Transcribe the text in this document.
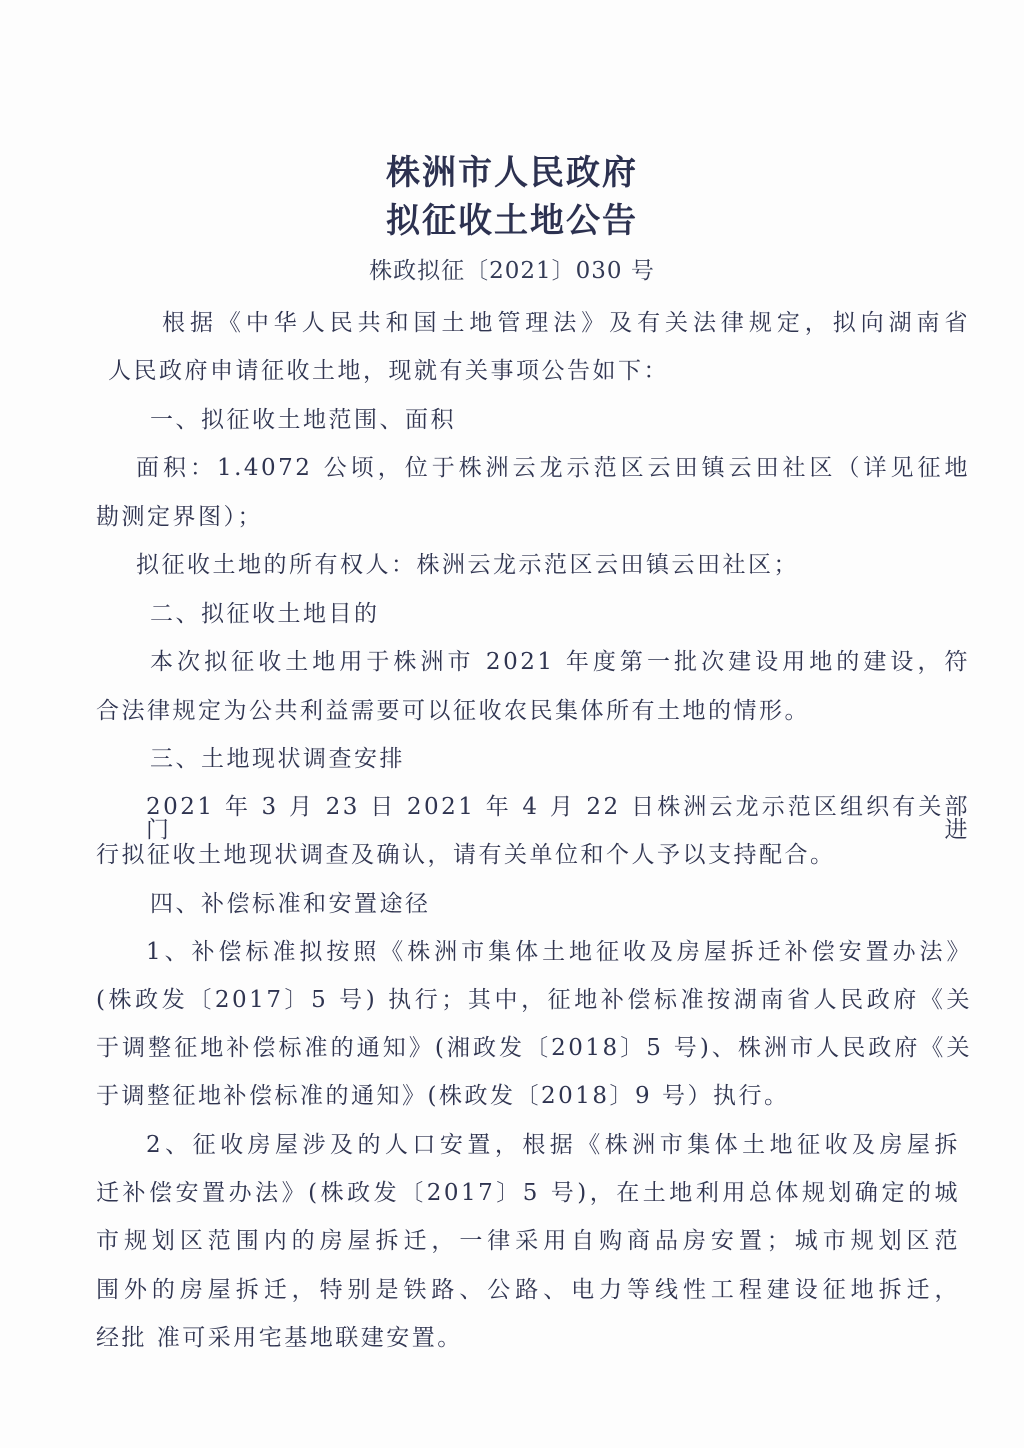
株洲市人民政府
拟征收土地公告
株政拟征〔2021〕030 号
根据《中华人民共和国土地管理法》及有关法律规定，拟向湖南省
人民政府申请征收土地，现就有关事项公告如下：
一、拟征收土地范围、面积
面积：1.4072 公顷，位于株洲云龙示范区云田镇云田社区（详见征地
勘测定界图）；
拟征收土地的所有权人：株洲云龙示范区云田镇云田社区；
二、拟征收土地目的
本次拟征收土地用于株洲市 2021 年度第一批次建设用地的建设，符
合法律规定为公共利益需要可以征收农民集体所有土地的情形。
三、土地现状调查安排
2021 年 3 月 23 日 2021 年 4 月 22 日株洲云龙示范区组织有关部门进
行拟征收土地现状调查及确认，请有关单位和个人予以支持配合。
四、补偿标准和安置途径
1、补偿标准拟按照《株洲市集体土地征收及房屋拆迁补偿安置办法》
(株政发〔2017〕5 号) 执行；其中，征地补偿标准按湖南省人民政府《关
于调整征地补偿标准的通知》(湘政发〔2018〕5 号)、株洲市人民政府《关
于调整征地补偿标准的通知》(株政发〔2018〕9 号）执行。
2、征收房屋涉及的人口安置，根据《株洲市集体土地征收及房屋拆
迁补偿安置办法》(株政发〔2017〕5 号)，在土地利用总体规划确定的城
市规划区范围内的房屋拆迁，一律采用自购商品房安置；城市规划区范
围外的房屋拆迁，特别是铁路、公路、电力等线性工程建设征地拆迁，
经批 准可采用宅基地联建安置。
